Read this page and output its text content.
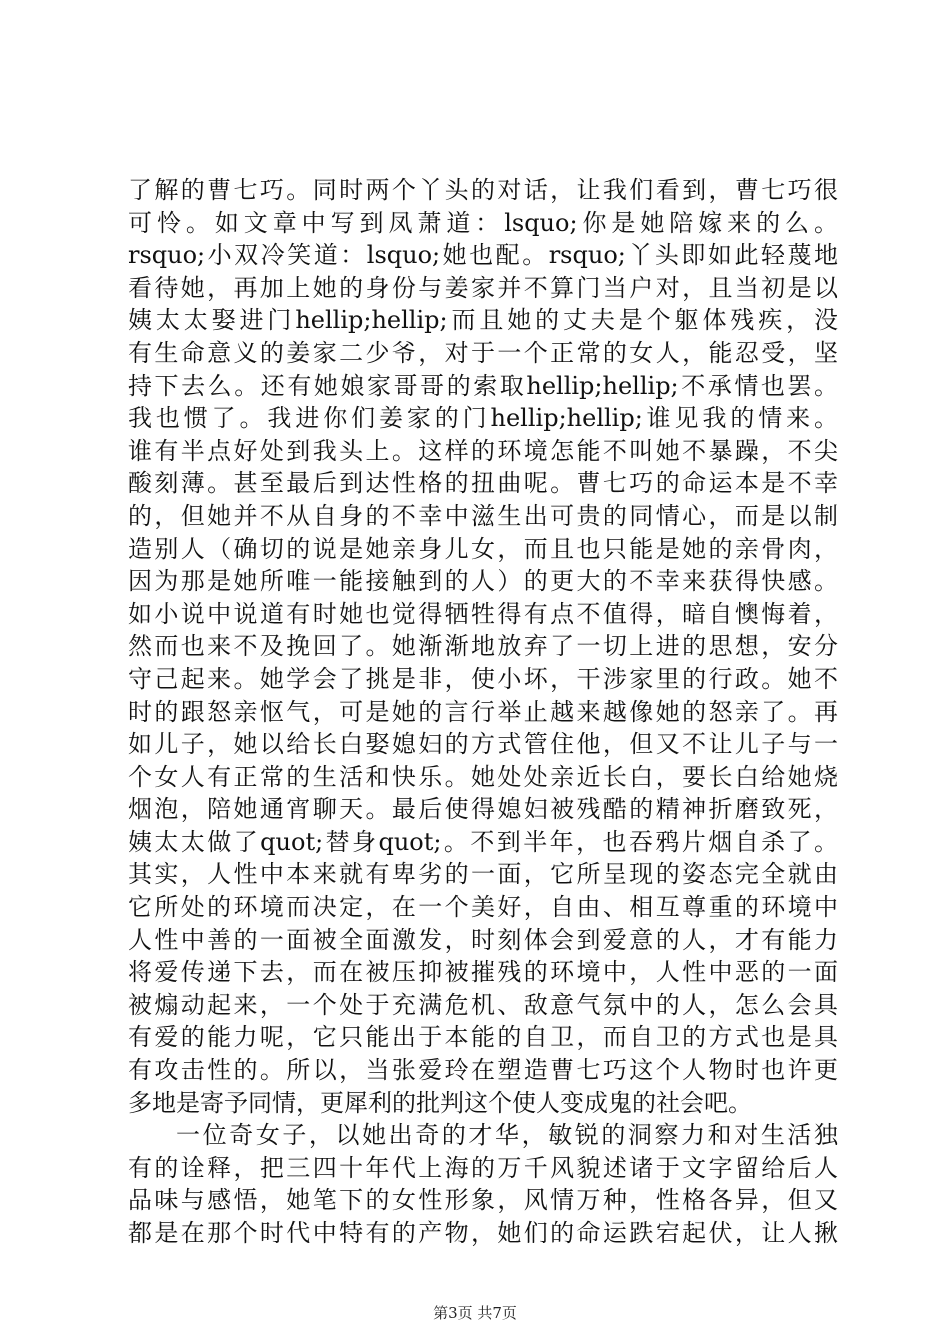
了解的曹七巧。同时两个丫头的对话，让我们看到，曹七巧很
可怜。如文章中写到凤萧道：lsquo;你是她陪嫁来的么。
rsquo;小双冷笑道：lsquo;她也配。rsquo;丫头即如此轻蔑地
看待她，再加上她的身份与姜家并不算门当户对，且当初是以
姨太太娶进门hellip;hellip;而且她的丈夫是个躯体残疾，没
有生命意义的姜家二少爷，对于一个正常的女人，能忍受，坚
持下去么。还有她娘家哥哥的索取hellip;hellip;不承情也罢。
我也惯了。我进你们姜家的门hellip;hellip;谁见我的情来。
谁有半点好处到我头上。这样的环境怎能不叫她不暴躁，不尖
酸刻薄。甚至最后到达性格的扭曲呢。曹七巧的命运本是不幸
的，但她并不从自身的不幸中滋生出可贵的同情心，而是以制
造别人（确切的说是她亲身儿女，而且也只能是她的亲骨肉，
因为那是她所唯一能接触到的人）的更大的不幸来获得快感。
如小说中说道有时她也觉得牺牲得有点不值得，暗自懊悔着，
然而也来不及挽回了。她渐渐地放弃了一切上进的思想，安分
守己起来。她学会了挑是非，使小坏，干涉家里的行政。她不
时的跟怒亲怄气，可是她的言行举止越来越像她的怒亲了。再
如儿子，她以给长白娶媳妇的方式管住他，但又不让儿子与一
个女人有正常的生活和快乐。她处处亲近长白，要长白给她烧
烟泡，陪她通宵聊天。最后使得媳妇被残酷的精神折磨致死，
姨太太做了quot;替身quot;。不到半年，也吞鸦片烟自杀了。
其实，人性中本来就有卑劣的一面，它所呈现的姿态完全就由
它所处的环境而决定，在一个美好，自由、相互尊重的环境中
人性中善的一面被全面激发，时刻体会到爱意的人，才有能力
将爱传递下去，而在被压抑被摧残的环境中，人性中恶的一面
被煽动起来，一个处于充满危机、敌意气氛中的人，怎么会具
有爱的能力呢，它只能出于本能的自卫，而自卫的方式也是具
有攻击性的。所以，当张爱玲在塑造曹七巧这个人物时也许更
多地是寄予同情，更犀利的批判这个使人变成鬼的社会吧。
一位奇女子，以她出奇的才华，敏锐的洞察力和对生活独
有的诠释，把三四十年代上海的万千风貌述诸于文字留给后人
品味与感悟，她笔下的女性形象，风情万种，性格各异，但又
都是在那个时代中特有的产物，她们的命运跌宕起伏，让人揪
第3页 共7页
